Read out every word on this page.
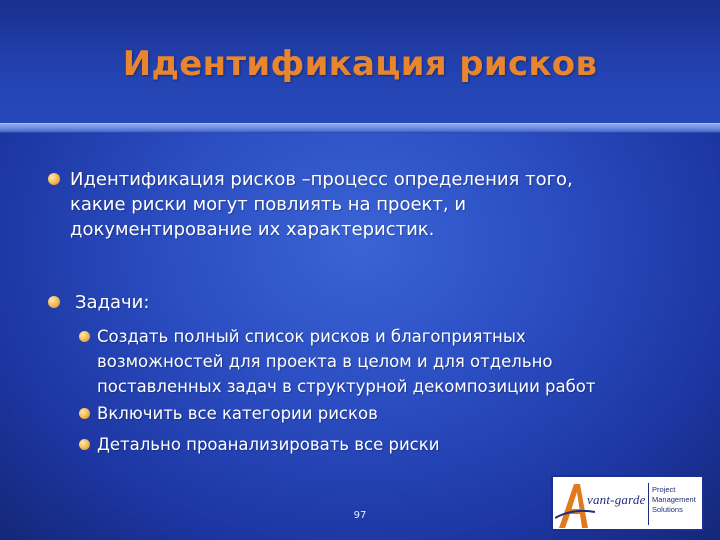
Идентификация рисков
Идентификация рисков –процесс определения того,
какие риски могут повлиять на проект, и
документирование их характеристик.
Задачи:
Создать полный список рисков и благоприятных
возможностей для проекта в целом и для отдельно
поставленных задач в структурной декомпозиции работ
Включить все категории рисков
Детально проанализировать все риски
97
vant-garde
Project
Management
Solutions
